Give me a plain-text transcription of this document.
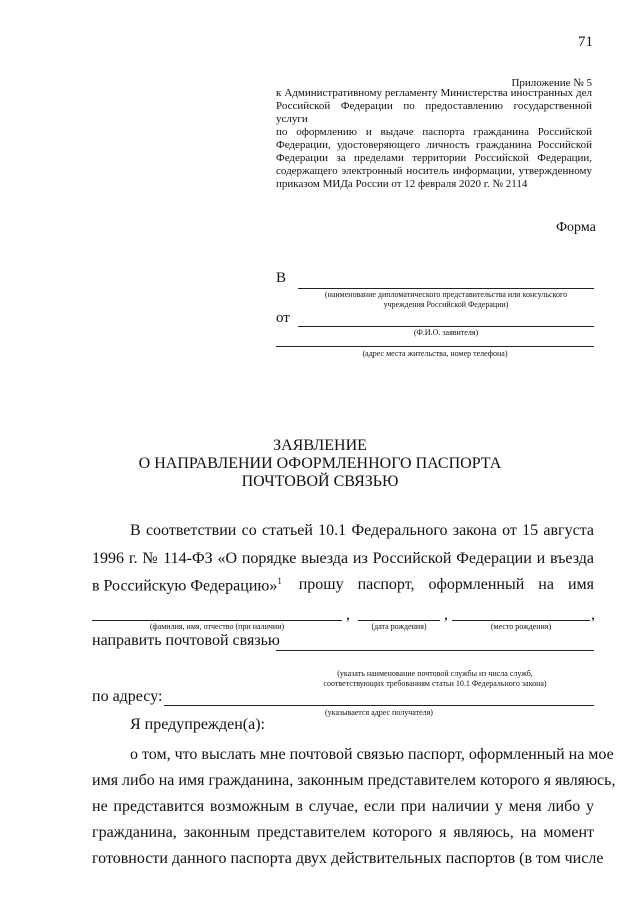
71
Приложение № 5
к Административному регламенту Министерства иностранных дел
Российской Федерации по предоставлению государственной услуги
по оформлению и выдаче паспорта гражданина Российской
Федерации, удостоверяющего личность гражданина Российской
Федерации за пределами территории Российской Федерации,
содержащего электронный носитель информации, утвержденному
приказом МИДа России от 12 февраля 2020 г. № 2114
Форма
В
(наименование дипломатического представительства или консульского
учреждения Российской Федерации)
от
(Ф.И.О. заявителя)
(адрес места жительства, номер телефона)
ЗАЯВЛЕНИЕ
О НАПРАВЛЕНИИ ОФОРМЛЕННОГО ПАСПОРТА
ПОЧТОВОЙ СВЯЗЬЮ
В соответствии со статьей 10.1 Федерального закона от 15 августа
1996 г. № 114-ФЗ «О порядке выезда из Российской Федерации и въезда
в Российскую Федерацию»$^1$ прошу паспорт, оформленный на имя
,	,	,
(фамилия, имя, отчество (при наличии)	(дата рождения)	(место рождения)
направить почтовой связью
(указать наименование почтовой службы из числа служб,
соответствующих требованиям статьи 10.1 Федерального закона)
по адресу:
(указывается адрес получателя)
Я предупрежден(а):
о том, что выслать мне почтовой связью паспорт, оформленный на мое
имя либо на имя гражданина, законным представителем которого я являюсь,
не представится возможным в случае, если при наличии у меня либо у
гражданина, законным представителем которого я являюсь, на момент
готовности данного паспорта двух действительных паспортов (в том числе
